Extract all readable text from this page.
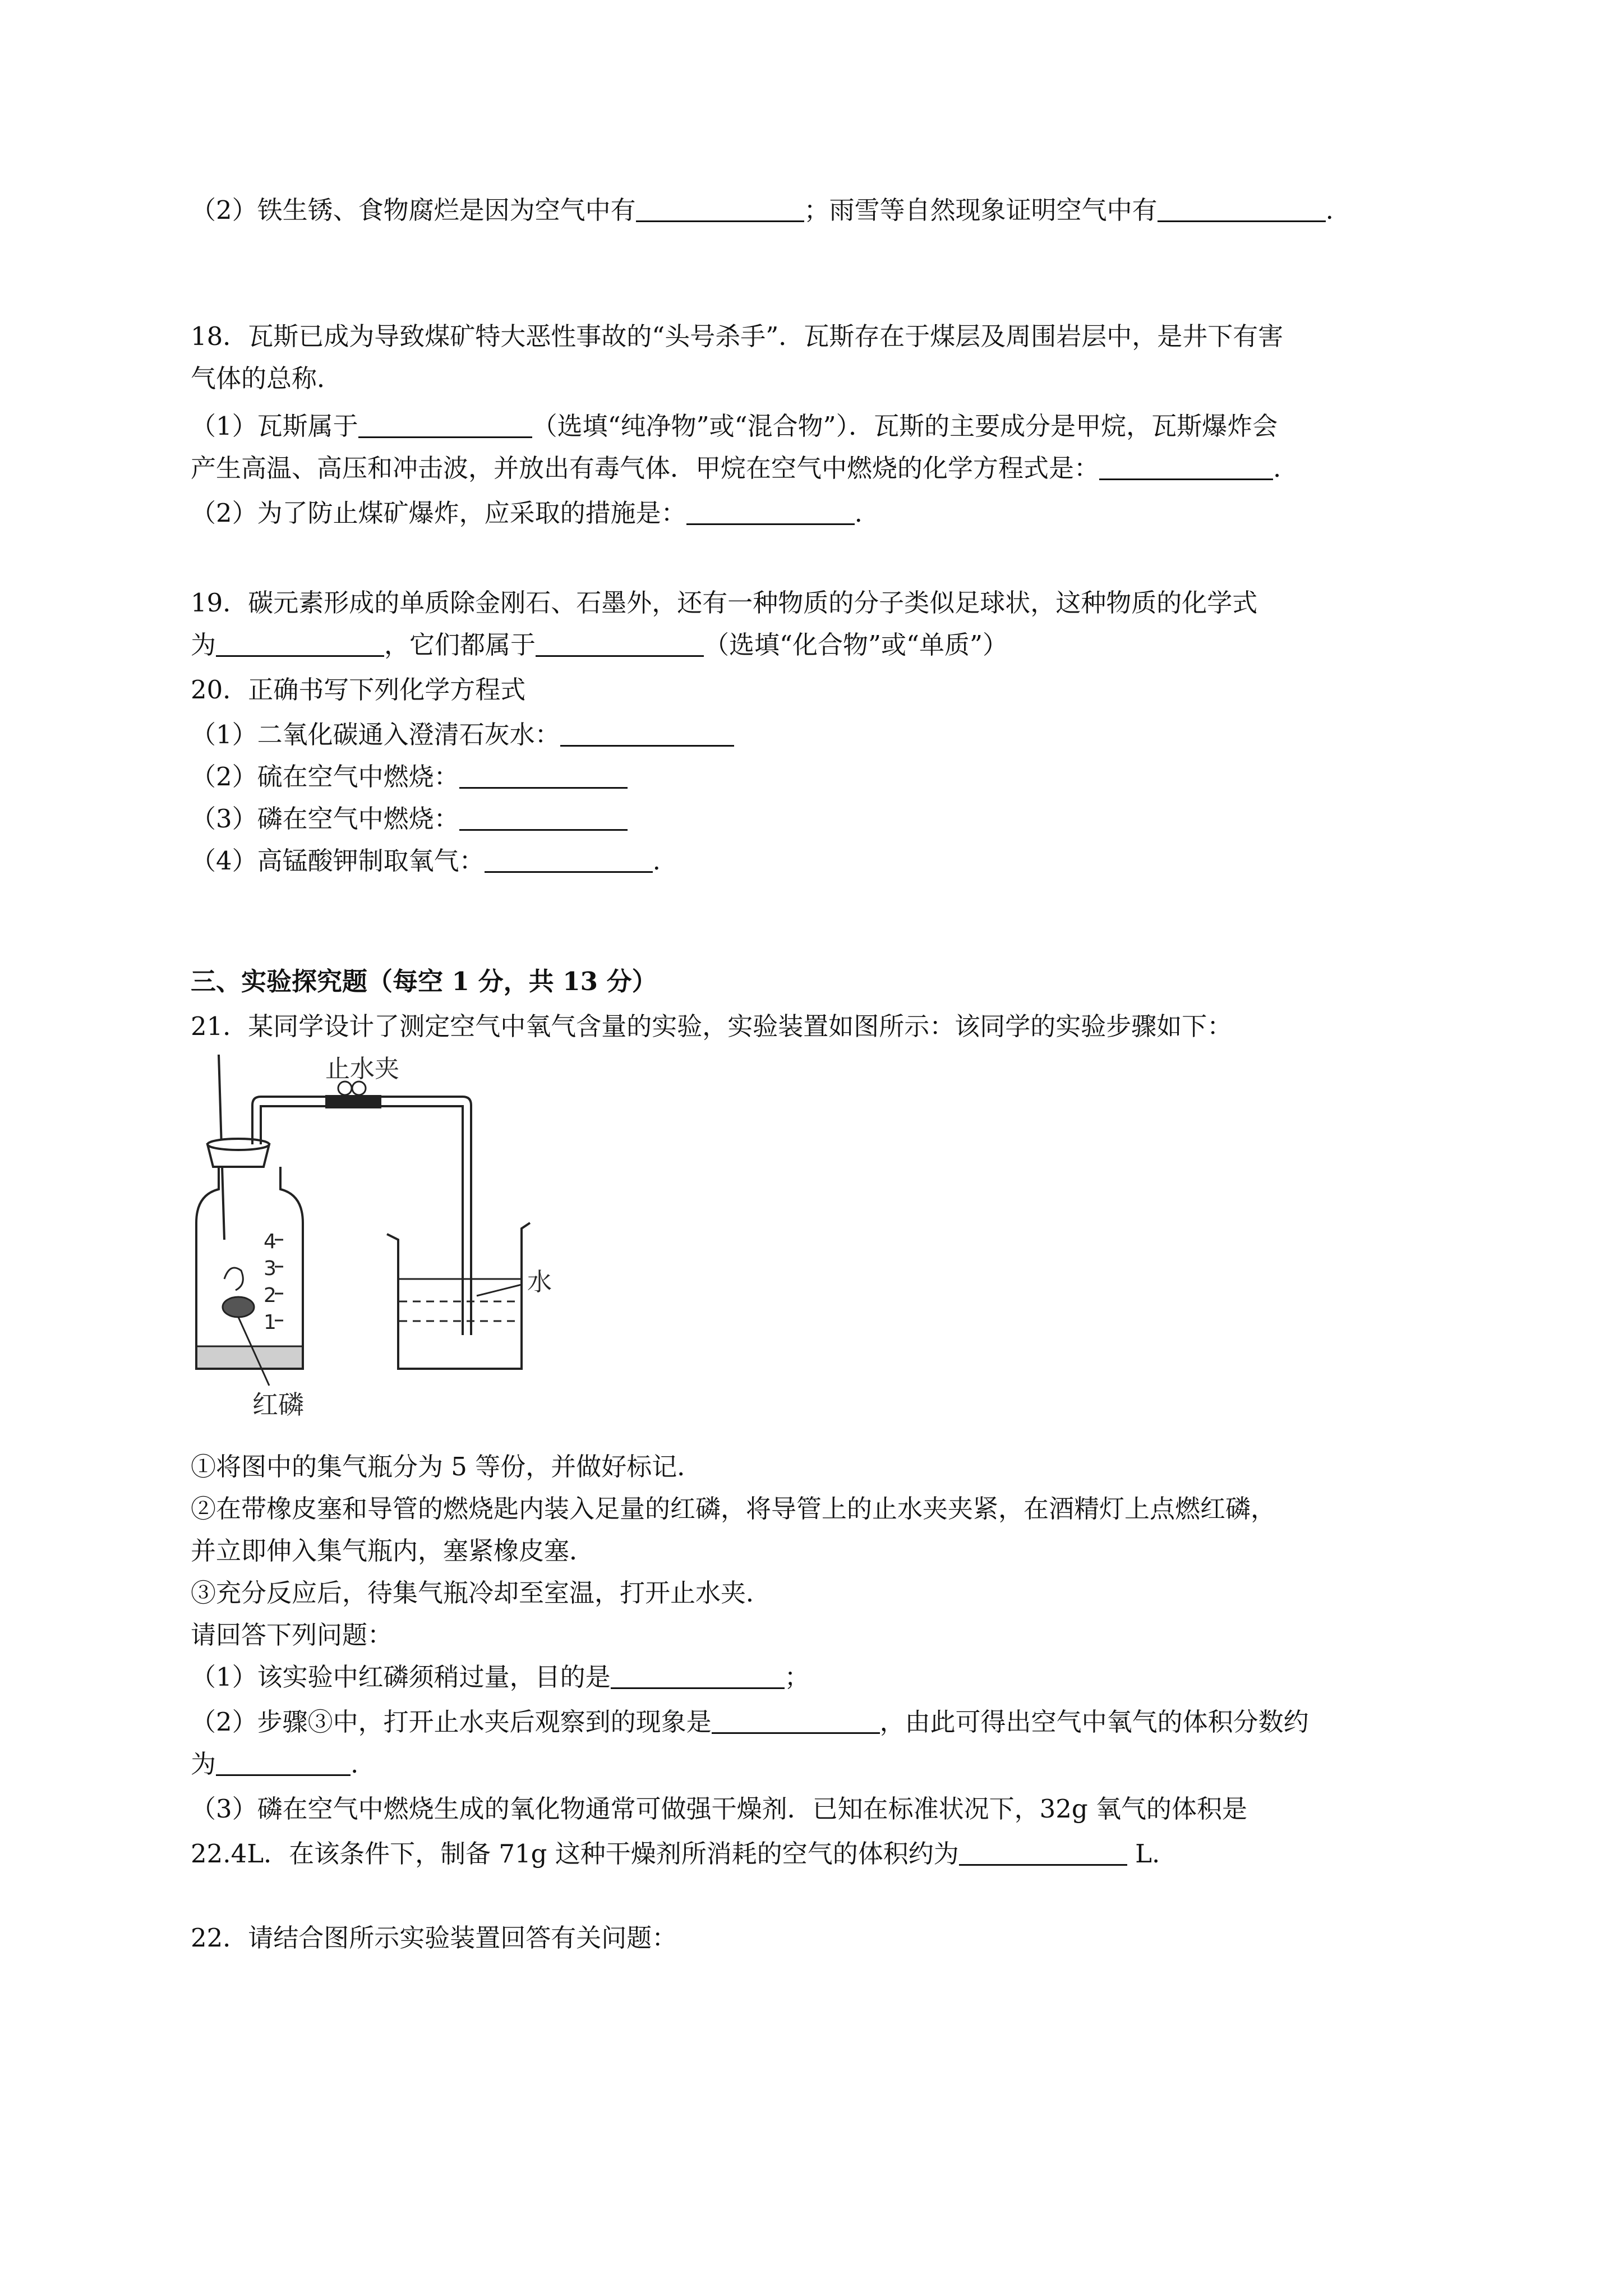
（2）铁生锈、食物腐烂是因为空气中有	；雨雪等自然现象证明空气中有	.
18．瓦斯已成为导致煤矿特大恶性事故的“头号杀手”．瓦斯存在于煤层及周围岩层中，是井下有害
气体的总称．
（1）瓦斯属于	（选填“纯净物”或“混合物”）．瓦斯的主要成分是甲烷，瓦斯爆炸会
产生高温、高压和冲击波，并放出有毒气体．甲烷在空气中燃烧的化学方程式是：	.
（2）为了防止煤矿爆炸，应采取的措施是：	.
19．碳元素形成的单质除金刚石、石墨外，还有一种物质的分子类似足球状，这种物质的化学式
为	，它们都属于	（选填“化合物”或“单质”）
20．正确书写下列化学方程式
（1）二氧化碳通入澄清石灰水：
（2）硫在空气中燃烧：
（3）磷在空气中燃烧：
（4）高锰酸钾制取氧气：	.
三、实验探究题（每空 1 分，共 13 分）
21．某同学设计了测定空气中氧气含量的实验，实验装置如图所示：该同学的实验步骤如下：
4
3
2
1
止水夹
水
红磷
①将图中的集气瓶分为 5 等份，并做好标记．
②在带橡皮塞和导管的燃烧匙内装入足量的红磷，将导管上的止水夹夹紧，在酒精灯上点燃红磷，
并立即伸入集气瓶内，塞紧橡皮塞．
③充分反应后，待集气瓶冷却至室温，打开止水夹．
请回答下列问题：
（1）该实验中红磷须稍过量，目的是	；
（2）步骤③中，打开止水夹后观察到的现象是	，由此可得出空气中氧气的体积分数约
为	.
（3）磷在空气中燃烧生成的氧化物通常可做强干燥剂．已知在标准状况下，32g 氧气的体积是
22.4L．在该条件下，制备 71g 这种干燥剂所消耗的空气的体积约为	L.
22．请结合图所示实验装置回答有关问题：
